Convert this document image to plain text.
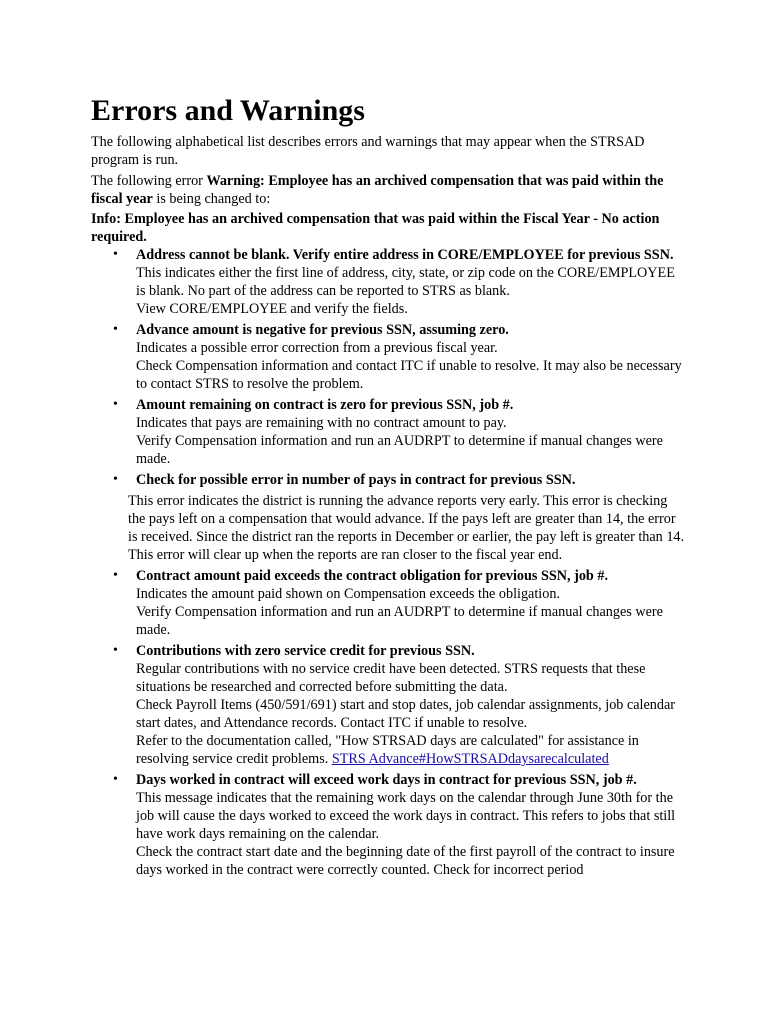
Errors and Warnings

The following alphabetical list describes errors and warnings that may appear when the STRSAD program is run.

The following error Warning: Employee has an archived compensation that was paid within the fiscal year is being changed to:

Info: Employee has an archived compensation that was paid within the Fiscal Year - No action required.

• Address cannot be blank. Verify entire address in CORE/EMPLOYEE for previous SSN.
This indicates either the first line of address, city, state, or zip code on the CORE/EMPLOYEE is blank. No part of the address can be reported to STRS as blank.
View CORE/EMPLOYEE and verify the fields.
• Advance amount is negative for previous SSN, assuming zero.
Indicates a possible error correction from a previous fiscal year.
Check Compensation information and contact ITC if unable to resolve. It may also be necessary to contact STRS to resolve the problem.
• Amount remaining on contract is zero for previous SSN, job #.
Indicates that pays are remaining with no contract amount to pay.
Verify Compensation information and run an AUDRPT to determine if manual changes were made.
• Check for possible error in number of pays in contract for previous SSN.
This error indicates the district is running the advance reports very early. This error is checking the pays left on a compensation that would advance. If the pays left are greater than 14, the error is received. Since the district ran the reports in December or earlier, the pay left is greater than 14. This error will clear up when the reports are ran closer to the fiscal year end.
• Contract amount paid exceeds the contract obligation for previous SSN, job #.
Indicates the amount paid shown on Compensation exceeds the obligation.
Verify Compensation information and run an AUDRPT to determine if manual changes were made.
• Contributions with zero service credit for previous SSN.
Regular contributions with no service credit have been detected. STRS requests that these situations be researched and corrected before submitting the data.
Check Payroll Items (450/591/691) start and stop dates, job calendar assignments, job calendar start dates, and Attendance records. Contact ITC if unable to resolve.
Refer to the documentation called, "How STRSAD days are calculated" for assistance in resolving service credit problems. STRS Advance#HowSTRSADdaysarecalculated
• Days worked in contract will exceed work days in contract for previous SSN, job #.
This message indicates that the remaining work days on the calendar through June 30th for the job will cause the days worked to exceed the work days in contract. This refers to jobs that still have work days remaining on the calendar.
Check the contract start date and the beginning date of the first payroll of the contract to insure days worked in the contract were correctly counted. Check for incorrect period
